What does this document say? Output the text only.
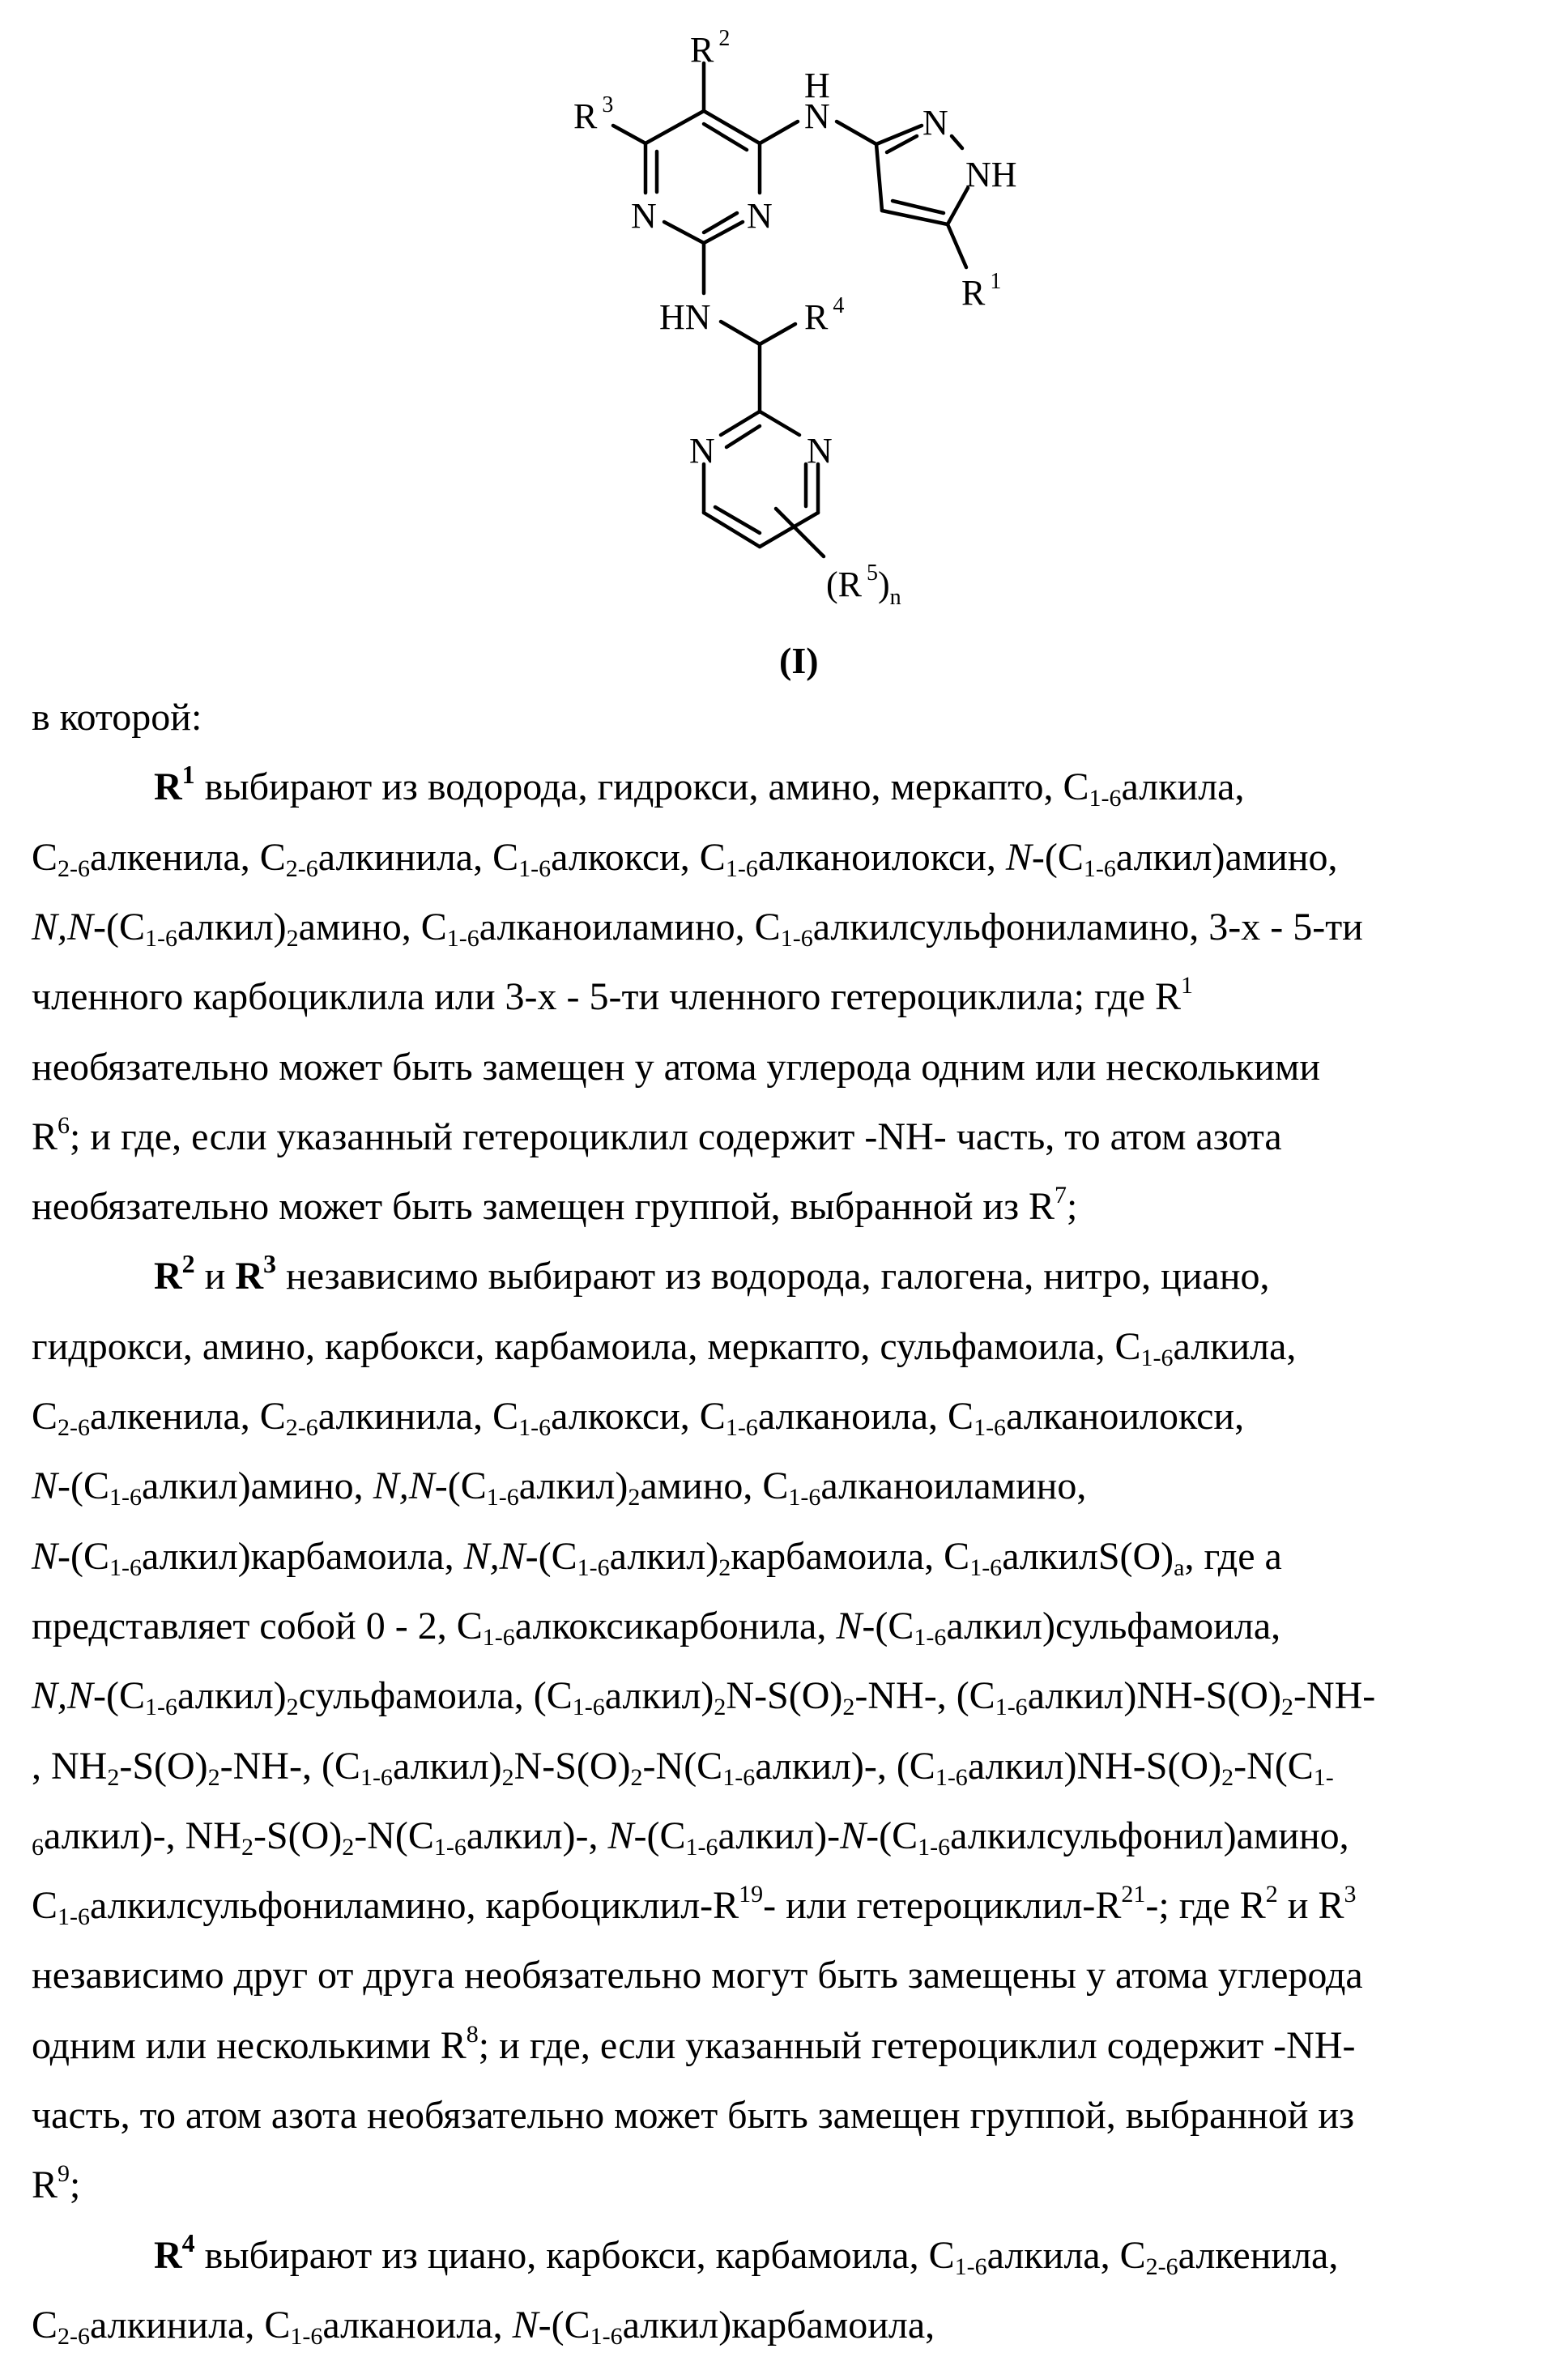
R $^2$
R $^3$	H
N
N	N
HN	R $^4$
N
NH
R $^1$
N	N
(R $^5)_n$
(I)
в которой:
$R^1$ выбирают из водорода, гидрокси, амино, меркапто, $C_{1-6}алкила$,
$C_{2-6}алкенила$, $C_{2-6}алкинила$, $C_{1-6}алкокси$, $C_{1-6}алканоилокси$, $N-(C_{1-6}алкил)амино$,
$N,N-(C_{1-6}алкил)_2амино$, $C_{1-6}алканоиламино$, $C_{1-6}алкилсульфониламино$, 3-х - 5-ти
членного карбоциклила или 3-х - 5-ти членного гетероциклила; где $R^1$
необязательно может быть замещен у атома углерода одним или несколькими
$R^6$; и где, если указанный гетероциклил содержит -NH- часть, то атом азота
необязательно может быть замещен группой, выбранной из $R^7$;
$R^2$ и $R^3$ независимо выбирают из водорода, галогена, нитро, циано,
гидрокси, амино, карбокси, карбамоила, меркапто, сульфамоила, $C_{1-6}алкила$,
$C_{2-6}алкенила$, $C_{2-6}алкинила$, $C_{1-6}алкокси$, $C_{1-6}алканоила$, $C_{1-6}алканоилокси$,
$N-(C_{1-6}алкил)амино$, $N,N-(C_{1-6}алкил)_2амино$, $C_{1-6}алканоиламино$,
$N-(C_{1-6}алкил)карбамоила$, $N,N-(C_{1-6}алкил)_2карбамоила$, $C_{1-6}алкилS(O)_a$, где a
представляет собой 0 - 2, $C_{1-6}алкоксикарбонила$, $N-(C_{1-6}алкил)сульфамоила$,
$N,N-(C_{1-6}алкил)_2сульфамоила$, $(C_{1-6}алкил)_2N-S(O)_2-NH-$, $(C_{1-6}алкил)NH-S(O)_2-NH-$
, $NH_2-S(O)_2-NH-$, $(C_{1-6}алкил)_2N-S(O)_2-N(C_{1-6}алкил)-$, $(C_{1-6}алкил)NH-S(O)_2-N(C_{1-}$
$_6$алкил)-, $NH_2-S(O)_2-N(C_{1-6}алкил)-$, $N-(C_{1-6}алкил)-N-(C_{1-6}алкилсульфонил)амино$,
$C_{1-6}алкилсульфониламино$, карбоциклил-$R^{19}-$ или гетероциклил-$R^{21}-$; где $R^2$ и $R^3$
независимо друг от друга необязательно могут быть замещены у атома углерода
одним или несколькими $R^8$; и где, если указанный гетероциклил содержит -NH-
часть, то атом азота необязательно может быть замещен группой, выбранной из
$R^9$;
$R^4$ выбирают из циано, карбокси, карбамоила, $C_{1-6}алкила$, $C_{2-6}алкенила$,
$C_{2-6}алкинила$, $C_{1-6}алканоила$, $N-(C_{1-6}алкил)карбамоила$,
